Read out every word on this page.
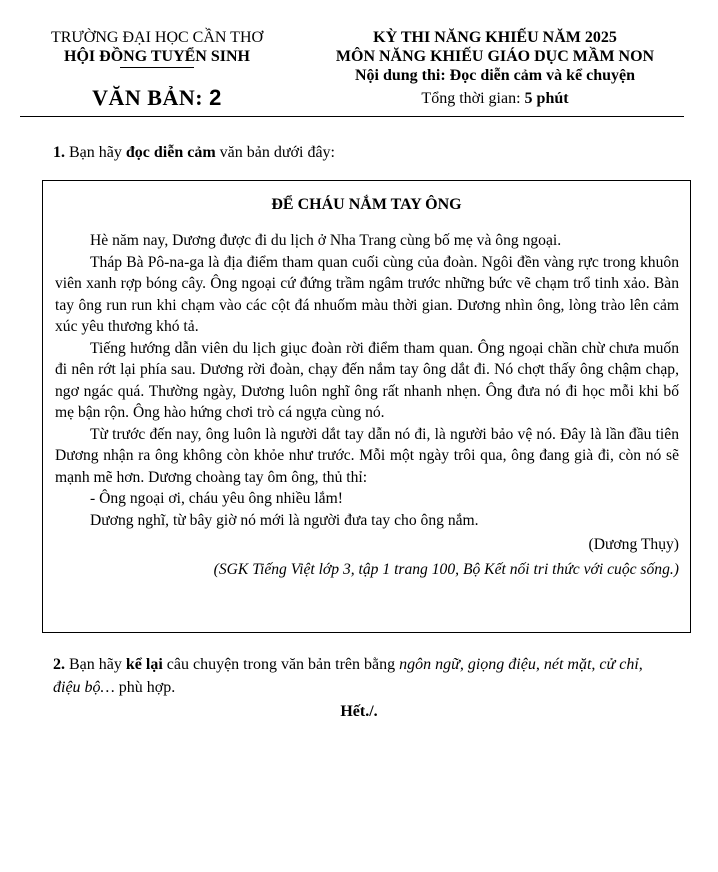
TRƯỜNG ĐẠI HỌC CẦN THƠ
HỘI ĐỒNG TUYỂN SINH
VĂN BẢN: 2
KỲ THI NĂNG KHIẾU NĂM 2025
MÔN NĂNG KHIẾU GIÁO DỤC MẦM NON
Nội dung thi: Đọc diễn cảm và kể chuyện
Tổng thời gian: 5 phút
1. Bạn hãy đọc diễn cảm văn bản dưới đây:
ĐỂ CHÁU NẮM TAY ÔNG

Hè năm nay, Dương được đi du lịch ở Nha Trang cùng bố mẹ và ông ngoại.

Tháp Bà Pô-na-ga là địa điểm tham quan cuối cùng của đoàn. Ngôi đền vàng rực trong khuôn viên xanh rợp bóng cây. Ông ngoại cứ đứng trầm ngâm trước những bức vẽ chạm trổ tinh xảo. Bàn tay ông run run khi chạm vào các cột đá nhuốm màu thời gian. Dương nhìn ông, lòng trào lên cảm xúc yêu thương khó tả.

Tiếng hướng dẫn viên du lịch giục đoàn rời điểm tham quan. Ông ngoại chần chừ chưa muốn đi nên rớt lại phía sau. Dương rời đoàn, chạy đến nắm tay ông dắt đi. Nó chợt thấy ông chậm chạp, ngơ ngác quá. Thường ngày, Dương luôn nghĩ ông rất nhanh nhẹn. Ông đưa nó đi học mỗi khi bố mẹ bận rộn. Ông hào hứng chơi trò cá ngựa cùng nó.

Từ trước đến nay, ông luôn là người dắt tay dẫn nó đi, là người bảo vệ nó. Đây là lần đầu tiên Dương nhận ra ông không còn khỏe như trước. Mỗi một ngày trôi qua, ông đang già đi, còn nó sẽ mạnh mẽ hơn. Dương choàng tay ôm ông, thủ thỉ:

- Ông ngoại ơi, cháu yêu ông nhiều lắm!

Dương nghĩ, từ bây giờ nó mới là người đưa tay cho ông nắm.

(Dương Thụy)

(SGK Tiếng Việt lớp 3, tập 1 trang 100, Bộ Kết nối tri thức với cuộc sống.)

2. Bạn hãy kể lại câu chuyện trong văn bản trên bằng ngôn ngữ, giọng điệu, nét mặt, cử chỉ, điệu bộ… phù hợp.
Hết./.
